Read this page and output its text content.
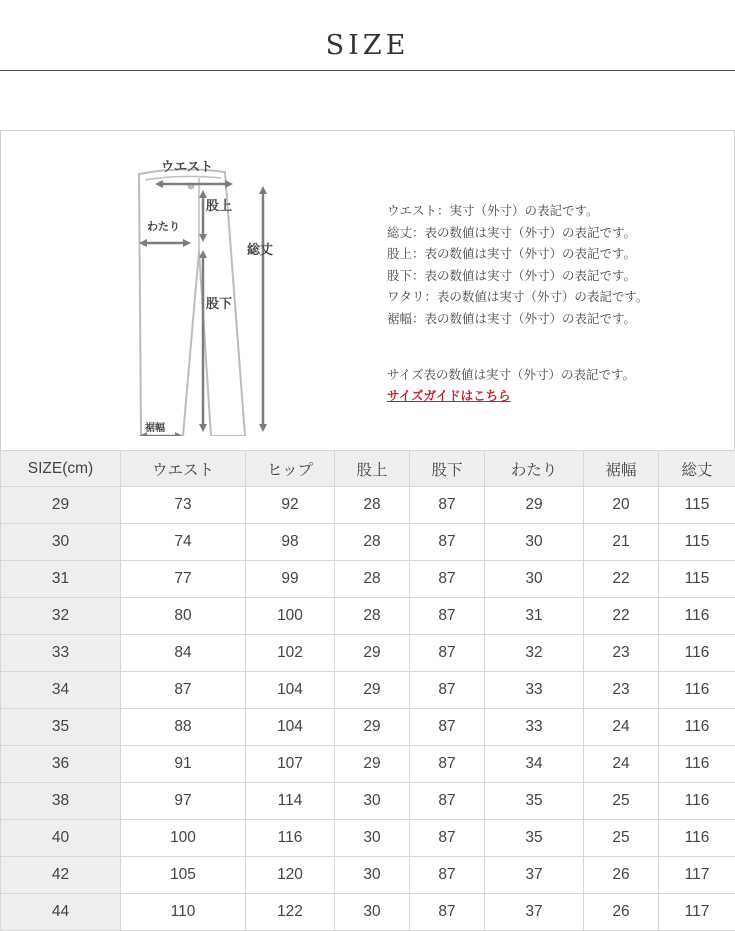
SIZE
ウエスト
股上
総丈
わたり
股下
裾幅
ウエスト：実寸（外寸）の表記です。
総丈：表の数値は実寸（外寸）の表記です。
股上：表の数値は実寸（外寸）の表記です。
股下：表の数値は実寸（外寸）の表記です。
ワタリ：表の数値は実寸（外寸）の表記です。
裾幅：表の数値は実寸（外寸）の表記です。
サイズ表の数値は実寸（外寸）の表記です。
サイズガイドはこちら
SIZE(cm)	ウエスト	ヒップ	股上	股下	わたり	裾幅	総丈
29	73	92	28	87	29	20	115
30	74	98	28	87	30	21	115
31	77	99	28	87	30	22	115
32	80	100	28	87	31	22	116
33	84	102	29	87	32	23	116
34	87	104	29	87	33	23	116
35	88	104	29	87	33	24	116
36	91	107	29	87	34	24	116
38	97	114	30	87	35	25	116
40	100	116	30	87	35	25	116
42	105	120	30	87	37	26	117
44	110	122	30	87	37	26	117
